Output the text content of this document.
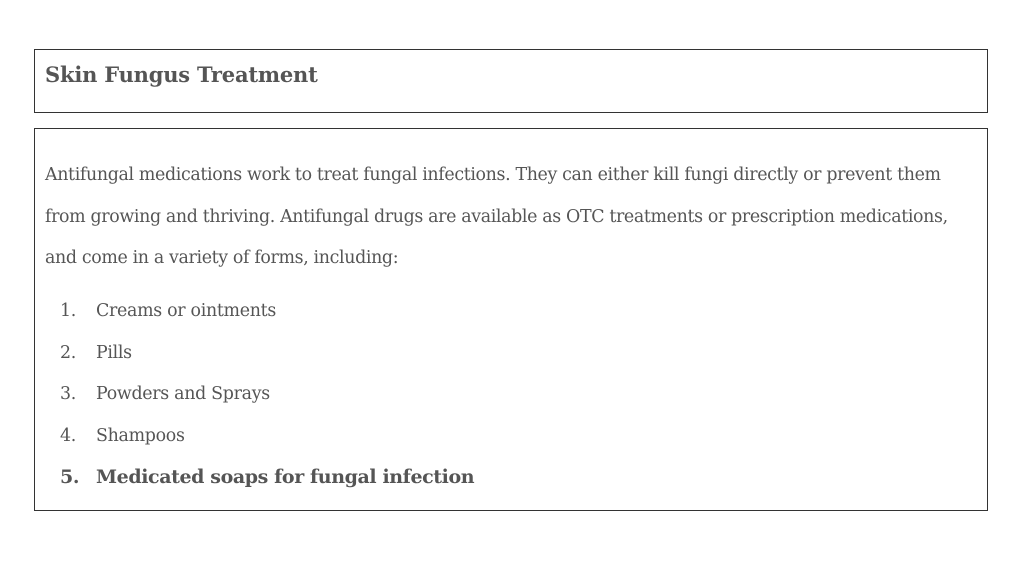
Skin Fungus Treatment

Antifungal medications work to treat fungal infections. They can either kill fungi directly or prevent them from growing and thriving. Antifungal drugs are available as OTC treatments or prescription medications, and come in a variety of forms, including:

1. Creams or ointments
2. Pills
3. Powders and Sprays
4. Shampoos
5. Medicated soaps for fungal infection
